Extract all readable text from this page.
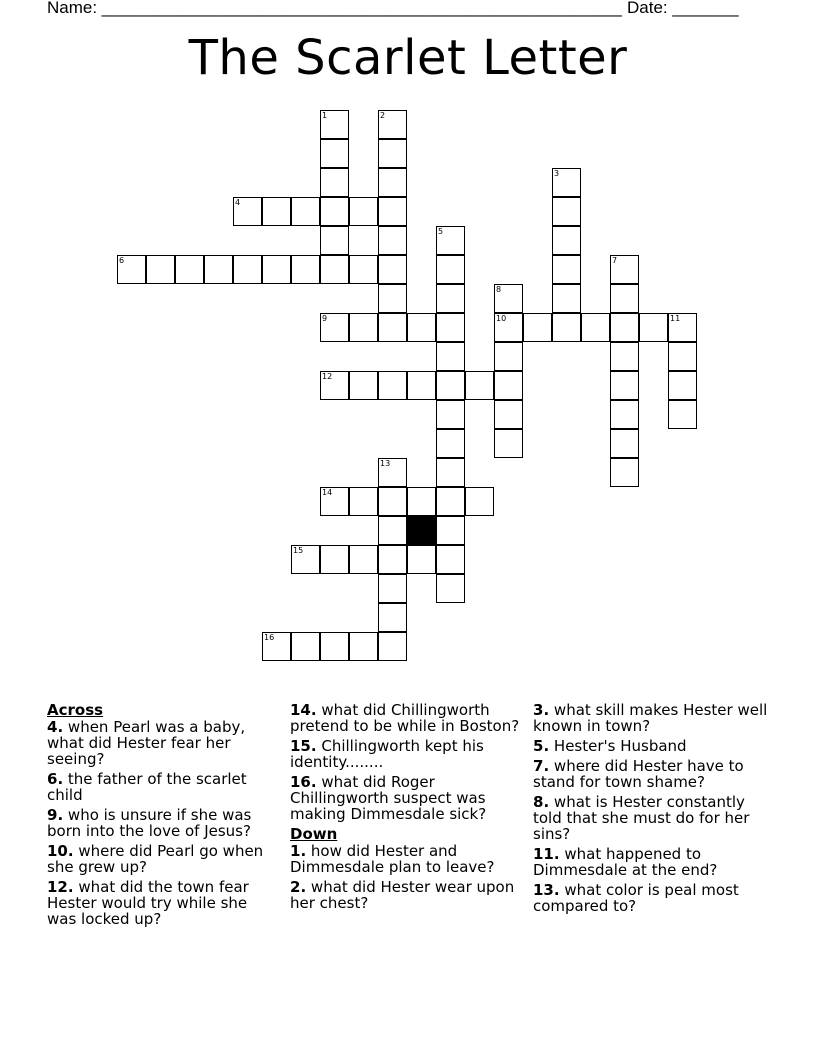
Name: _______________________________________________________ Date: _______
The Scarlet Letter
1	2
3
4
5
6	7
8
9	10	11
12
13
14
15
16
Across
4. when Pearl was a baby, what did Hester fear her seeing?
6. the father of the scarlet child
9. who is unsure if she was born into the love of Jesus?
10. where did Pearl go when she grew up?
12. what did the town fear Hester would try while she was locked up?
14. what did Chillingworth pretend to be while in Boston?
15. Chillingworth kept his identity........
16. what did Roger Chillingworth suspect was making Dimmesdale sick?
Down
1. how did Hester and Dimmesdale plan to leave?
2. what did Hester wear upon her chest?
3. what skill makes Hester well known in town?
5. Hester's Husband
7. where did Hester have to stand for town shame?
8. what is Hester constantly told that she must do for her sins?
11. what happened to Dimmesdale at the end?
13. what color is peal most compared to?
